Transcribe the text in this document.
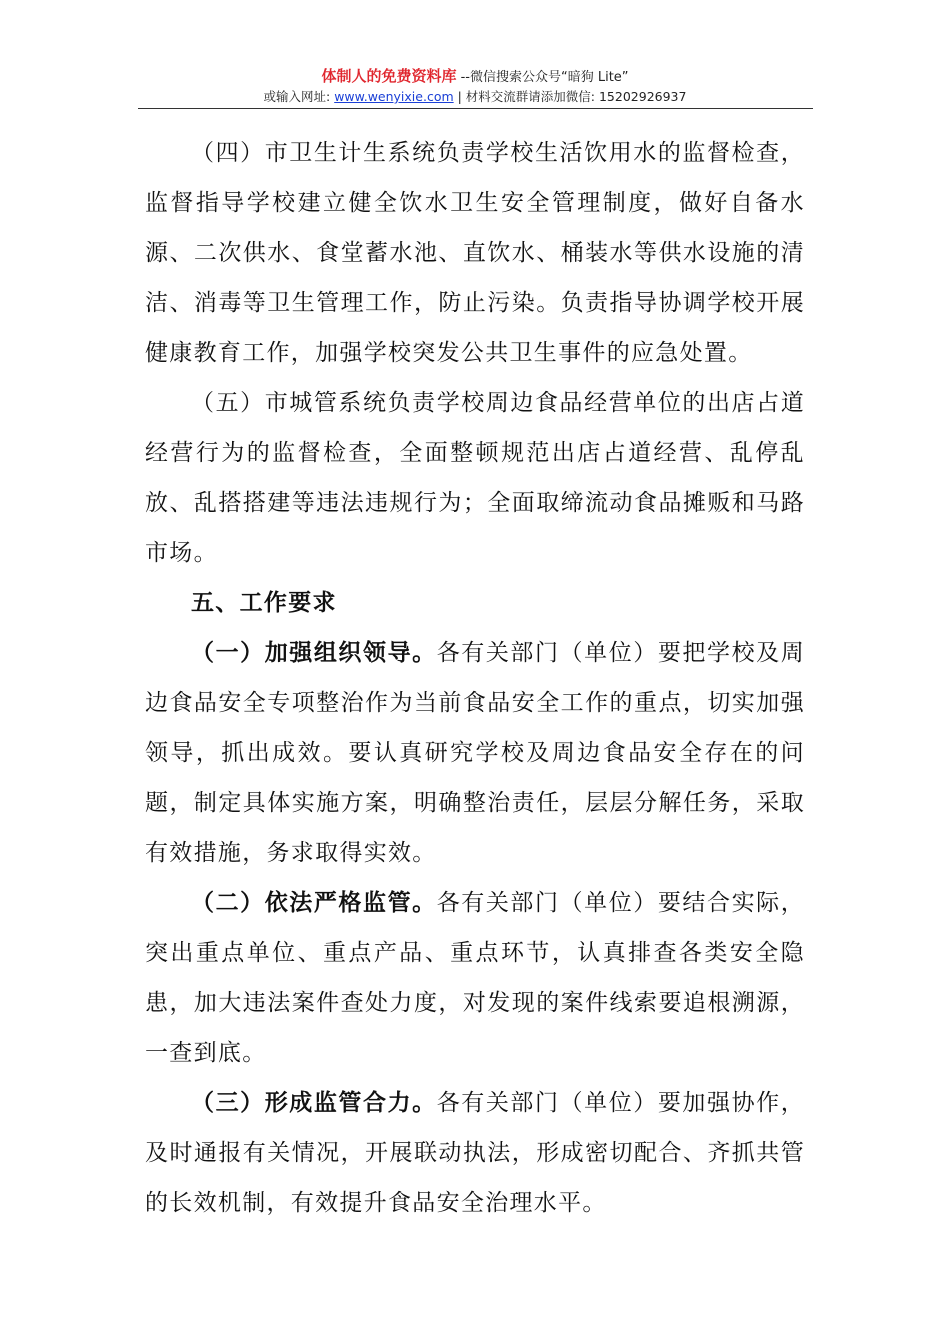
体制人的免费资料库 --微信搜索公众号“暗狗 Lite”
或输入网址: www.wenyixie.com | 材料交流群请添加微信: 15202926937

（四）市卫生计生系统负责学校生活饮用水的监督检查，监督指导学校建立健全饮水卫生安全管理制度，做好自备水源、二次供水、食堂蓄水池、直饮水、桶装水等供水设施的清洁、消毒等卫生管理工作，防止污染。负责指导协调学校开展健康教育工作，加强学校突发公共卫生事件的应急处置。

（五）市城管系统负责学校周边食品经营单位的出店占道经营行为的监督检查，全面整顿规范出店占道经营、乱停乱放、乱搭搭建等违法违规行为；全面取缔流动食品摊贩和马路市场。

五、工作要求

（一）加强组织领导。各有关部门（单位）要把学校及周边食品安全专项整治作为当前食品安全工作的重点，切实加强领导，抓出成效。要认真研究学校及周边食品安全存在的问题，制定具体实施方案，明确整治责任，层层分解任务，采取有效措施，务求取得实效。

（二）依法严格监管。各有关部门（单位）要结合实际，突出重点单位、重点产品、重点环节，认真排查各类安全隐患，加大违法案件查处力度，对发现的案件线索要追根溯源，一查到底。

（三）形成监管合力。各有关部门（单位）要加强协作，及时通报有关情况，开展联动执法，形成密切配合、齐抓共管的长效机制，有效提升食品安全治理水平。
